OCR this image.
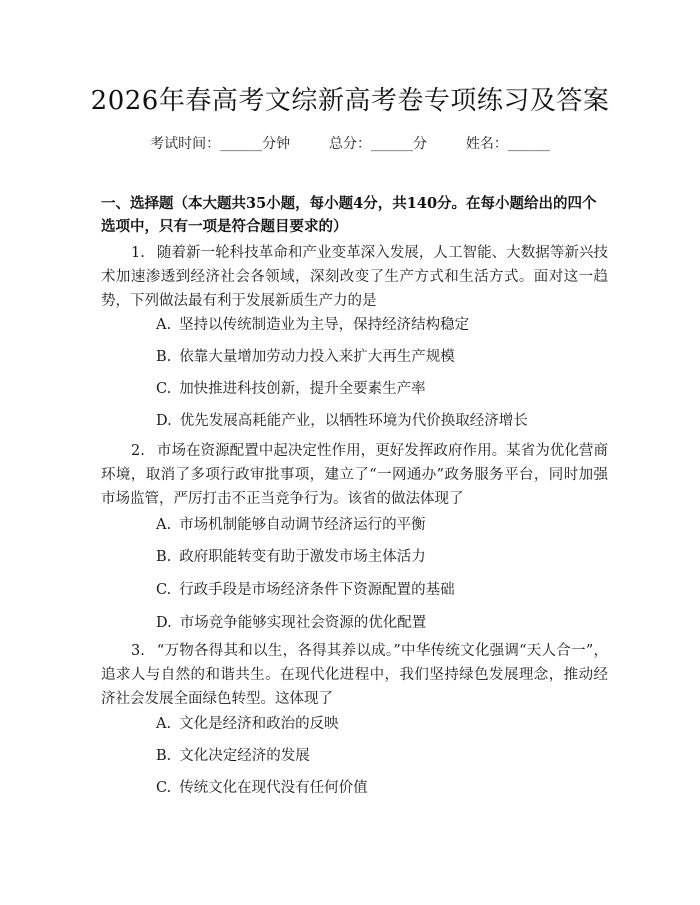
2026年春高考文综新高考卷专项练习及答案
考试时间：______分钟	总分：______分	姓名：______
一、选择题（本大题共35小题，每小题4分，共140分。在每小题给出的四个选项中，只有一项是符合题目要求的）
1. 随着新一轮科技革命和产业变革深入发展，人工智能、大数据等新兴技术加速渗透到经济社会各领域，深刻改变了生产方式和生活方式。面对这一趋势，下列做法最有利于发展新质生产力的是
A. 坚持以传统制造业为主导，保持经济结构稳定
B. 依靠大量增加劳动力投入来扩大再生产规模
C. 加快推进科技创新，提升全要素生产率
D. 优先发展高耗能产业，以牺牲环境为代价换取经济增长
2. 市场在资源配置中起决定性作用，更好发挥政府作用。某省为优化营商环境，取消了多项行政审批事项，建立了“一网通办”政务服务平台，同时加强市场监管，严厉打击不正当竞争行为。该省的做法体现了
A. 市场机制能够自动调节经济运行的平衡
B. 政府职能转变有助于激发市场主体活力
C. 行政手段是市场经济条件下资源配置的基础
D. 市场竞争能够实现社会资源的优化配置
3. “万物各得其和以生，各得其养以成。”中华传统文化强调“天人合一”，追求人与自然的和谐共生。在现代化进程中，我们坚持绿色发展理念，推动经济社会发展全面绿色转型。这体现了
A. 文化是经济和政治的反映
B. 文化决定经济的发展
C. 传统文化在现代没有任何价值
